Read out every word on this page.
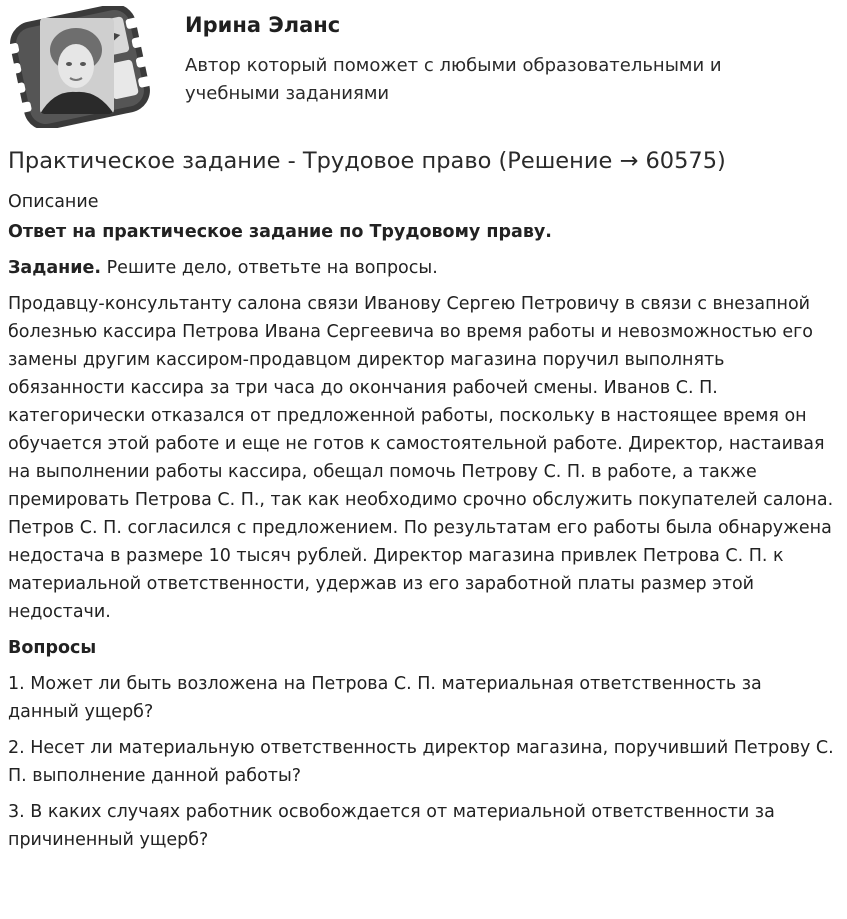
Ирина Эланс
Автор который поможет с любыми образовательными и учебными заданиями
Практическое задание - Трудовое право (Решение → 60575)

Описание

Ответ на практическое задание по Трудовому праву.

Задание. Решите дело, ответьте на вопросы.

Продавцу-консультанту салона связи Иванову Сергею Петровичу в связи с внезапной болезнью кассира Петрова Ивана Сергеевича во время работы и невозможностью его замены другим кассиром-продавцом директор магазина поручил выполнять обязанности кассира за три часа до окончания рабочей смены. Иванов С. П. категорически отказался от предложенной работы, поскольку в настоящее время он обучается этой работе и еще не готов к самостоятельной работе. Директор, настаивая на выполнении работы кассира, обещал помочь Петрову С. П. в работе, а также премировать Петрова С. П., так как необходимо срочно обслужить покупателей салона. Петров С. П. согласился с предложением. По результатам его работы была обнаружена недостача в размере 10 тысяч рублей. Директор магазина привлек Петрова С. П. к материальной ответственности, удержав из его заработной платы размер этой недостачи.

Вопросы

1. Может ли быть возложена на Петрова С. П. материальная ответственность за данный ущерб?

2. Несет ли материальную ответственность директор магазина, поручивший Петрову С. П. выполнение данной работы?

3. В каких случаях работник освобождается от материальной ответственности за причиненный ущерб?
